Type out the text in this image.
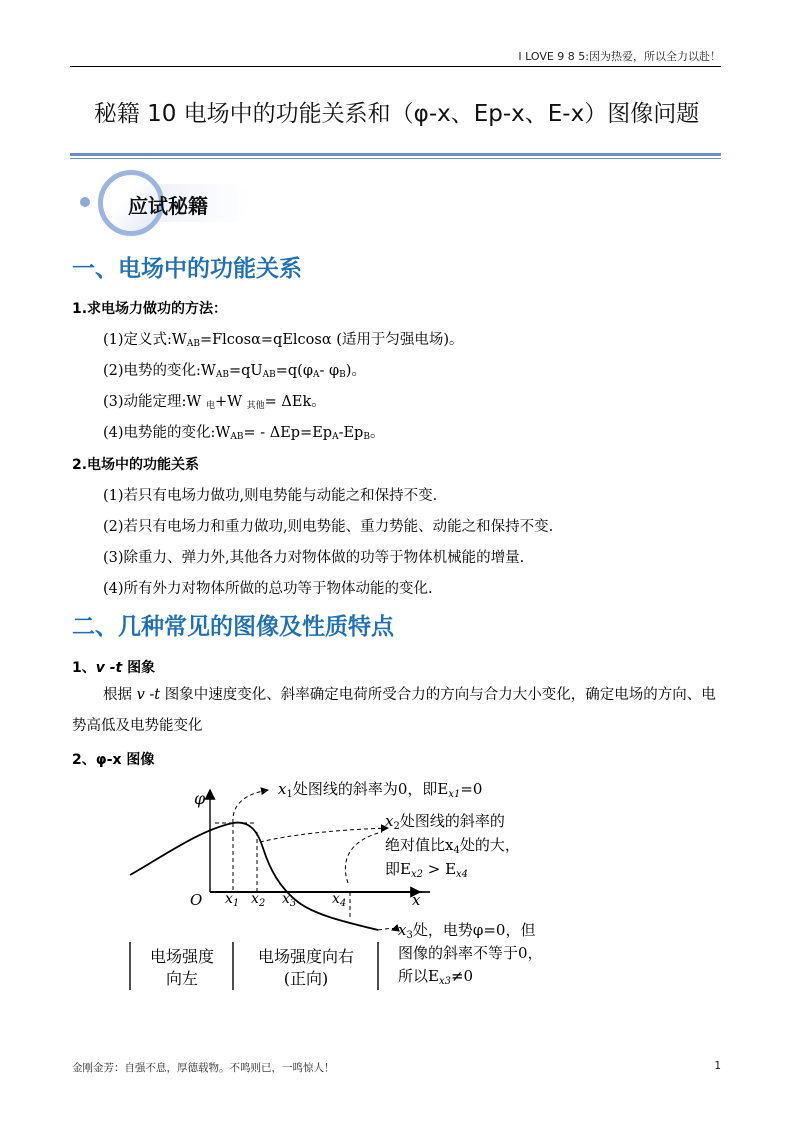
I LOVE 9 8 5:因为热爱，所以全力以赴！
秘籍 10 电场中的功能关系和（φ-x、Ep-x、E-x）图像问题
应试秘籍
一、电场中的功能关系
1.求电场力做功的方法：
(1)定义式$:W_{AB}=Flcos\alpha=qElcos\alpha$ (适用于匀强电场)。
(2)电势的变化$:W_{AB}=qU_{AB}=q(\varphi_A-$ $\varphi_B$)。
(3)动能定理:W $_电$+W $_{其他}$= ΔEk。
(4)电势能的变化$:W_{AB}= - \Delta Ep=Ep_A-Ep_B$。
2.电场中的功能关系
(1)若只有电场力做功,则电势能与动能之和保持不变.
(2)若只有电场力和重力做功,则电势能、重力势能、动能之和保持不变.
(3)除重力、弹力外,其他各力对物体做的功等于物体机械能的增量.
(4)所有外力对物体所做的总功等于物体动能的变化.
二、几种常见的图像及性质特点
1、v -t 图象
根据 v -t 图象中速度变化、斜率确定电荷所受合力的方向与合力大小变化，确定电场的方向、电势高低及电势能变化
2、φ-x 图像
φ
O	x
$x_1$ $x_2$ $x_3$	$x_4$
$x_1$处图线的斜率为0，即$E_{x1}=0$
$x_2$处图线的斜率的
绝对值比$x_4$处的大，
即$E_{x2} > E_{x4}$
$x_3$处，电势φ=0，但
图像的斜率不等于0，
所以$E_{x3}\ne 0$
电场强度
向左
电场强度向右
(正向)
金刚金芳：自强不息，厚德载物。不鸣则已，一鸣惊人！	1
